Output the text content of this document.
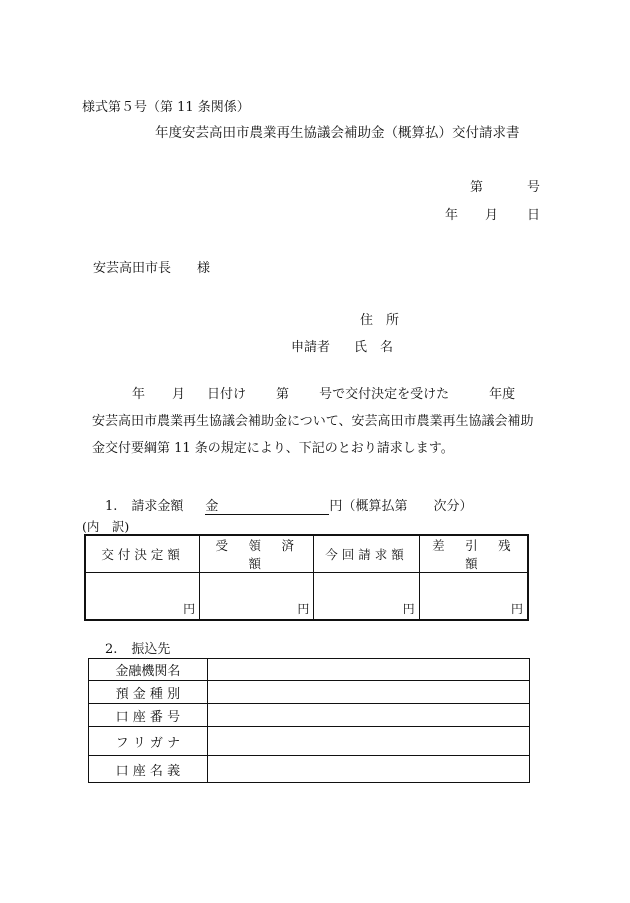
様式第５号（第 11 条関係）
年度安芸高田市農業再生協議会補助金（概算払）交付請求書
第	号
年 月 日
安芸高田市長 様
住　所
申請者 氏　名
年 月 日付け 第 号で交付決定を受けた	年度
安芸高田市農業再生協議会補助金について、安芸高田市農業再生協議会補助
金交付要綱第 11 条の規定により、下記のとおり請求します。
1. 請求金額 金	円（概算払第 次分）
(内　訳)
交付決定額	受　領　済　額	今回請求額	差　引　残　額
円	円	円	円
2. 振込先
金融機関名	
預 金 種 別	
口 座 番 号	
フ リ ガ ナ	
口 座 名 義	
